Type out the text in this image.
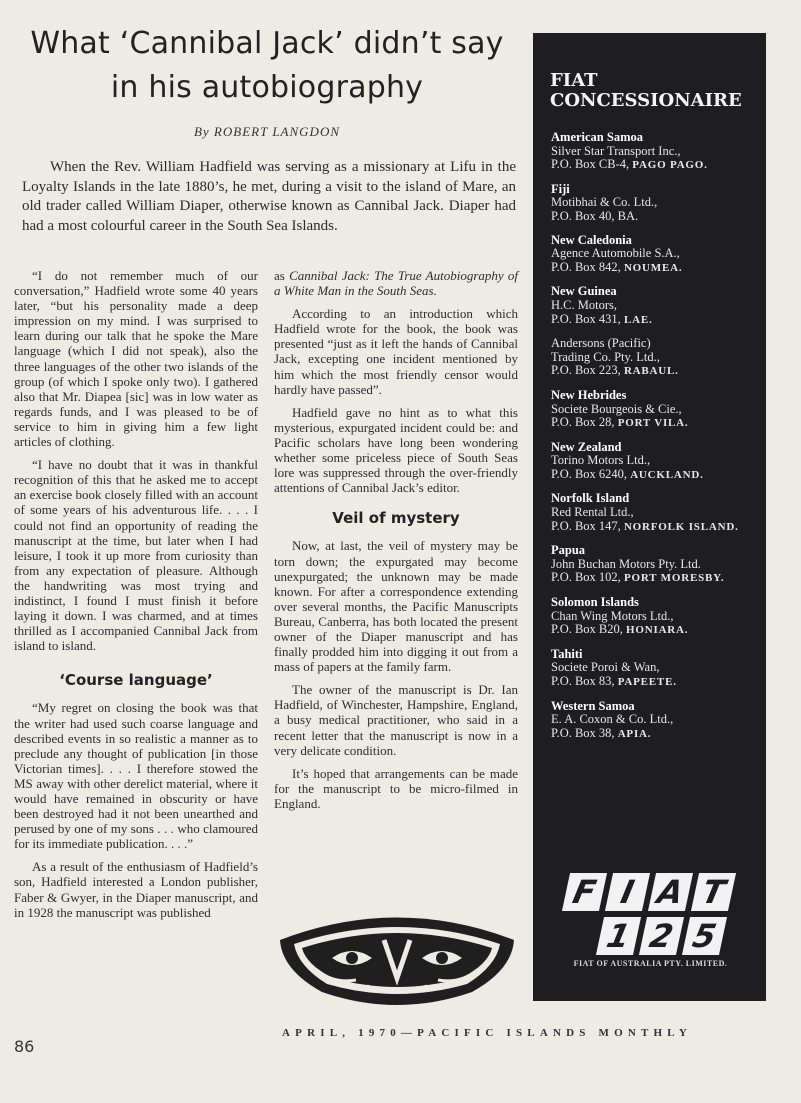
What ‘Cannibal Jack’ didn’t say
in his autobiography
By ROBERT LANGDON

When the Rev. William Hadfield was serving as a missionary at Lifu in the Loyalty Islands in the late 1880’s, he met, during a visit to the island of Mare, an old trader called William Diaper, otherwise known as Cannibal Jack. Diaper had had a most colourful career in the South Sea Islands.

“I do not remember much of our conversation,” Hadfield wrote some 40 years later, “but his personality made a deep impression on my mind. I was surprised to learn during our talk that he spoke the Mare language (which I did not speak), also the three languages of the other two islands of the group (of which I spoke only two). I gathered also that Mr. Diapea [sic] was in low water as regards funds, and I was pleased to be of service to him in giving him a few light articles of clothing.

“I have no doubt that it was in thankful recognition of this that he asked me to accept an exercise book closely filled with an account of some years of his adventurous life. . . . I could not find an opportunity of reading the manuscript at the time, but later when I had leisure, I took it up more from curiosity than from any expectation of pleasure. Although the handwriting was most trying and indistinct, I found I must finish it before laying it down. I was charmed, and at times thrilled as I accompanied Cannibal Jack from island to island.

‘Course language’

“My regret on closing the book was that the writer had used such coarse language and described events in so realistic a manner as to preclude any thought of publication [in those Victorian times]. . . . I therefore stowed the MS away with other derelict material, where it would have remained in obscurity or have been destroyed had it not been unearthed and perused by one of my sons . . . who clamoured for its immediate publication. . . .”

As a result of the enthusiasm of Hadfield’s son, Hadfield interested a London publisher, Faber & Gwyer, in the Diaper manuscript, and in 1928 the manuscript was published

as Cannibal Jack: The True Autobiography of a White Man in the South Seas.

According to an introduction which Hadfield wrote for the book, the book was presented “just as it left the hands of Cannibal Jack, excepting one incident mentioned by him which the most friendly censor would hardly have passed”.

Hadfield gave no hint as to what this mysterious, expurgated incident could be: and Pacific scholars have long been wondering whether some priceless piece of South Seas lore was suppressed through the over-friendly attentions of Cannibal Jack’s editor.

Veil of mystery

Now, at last, the veil of mystery may be torn down; the expurgated may become unexpurgated; the unknown may be made known. For after a correspondence extending over several months, the Pacific Manuscripts Bureau, Canberra, has both located the present owner of the Diaper manuscript and has finally prodded him into digging it out from a mass of papers at the family farm.

The owner of the manuscript is Dr. Ian Hadfield, of Winchester, Hampshire, England, a busy medical practitioner, who said in a recent letter that the manuscript is now in a very delicate condition.

It’s hoped that arrangements can be made for the manuscript to be micro-filmed in England.

FIAT
CONCESSIONAIRE
American Samoa
Silver Star Transport Inc.,
P.O. Box CB-4, PAGO PAGO.
Fiji
Motibhai & Co. Ltd.,
P.O. Box 40, BA.
New Caledonia
Agence Automobile S.A.,
P.O. Box 842, NOUMEA.
New Guinea
H.C. Motors,
P.O. Box 431, LAE.
Andersons (Pacific)
Trading Co. Pty. Ltd.,
P.O. Box 223, RABAUL.
New Hebrides
Societe Bourgeois & Cie.,
P.O. Box 28, PORT VILA.
New Zealand
Torino Motors Ltd.,
P.O. Box 6240, AUCKLAND.
Norfolk Island
Red Rental Ltd.,
P.O. Box 147, NORFOLK ISLAND.
Papua
John Buchan Motors Pty. Ltd.
P.O. Box 102, PORT MORESBY.
Solomon Islands
Chan Wing Motors Ltd.,
P.O. Box B20, HONIARA.
Tahiti
Societe Poroi & Wan,
P.O. Box 83, PAPEETE.
Western Samoa
E. A. Coxon & Co. Ltd.,
P.O. Box 38, APIA.
F I A T
1 2 5
FIAT OF AUSTRALIA PTY. LIMITED.
APRIL, 1970—PACIFIC ISLANDS MONTHLY
86
